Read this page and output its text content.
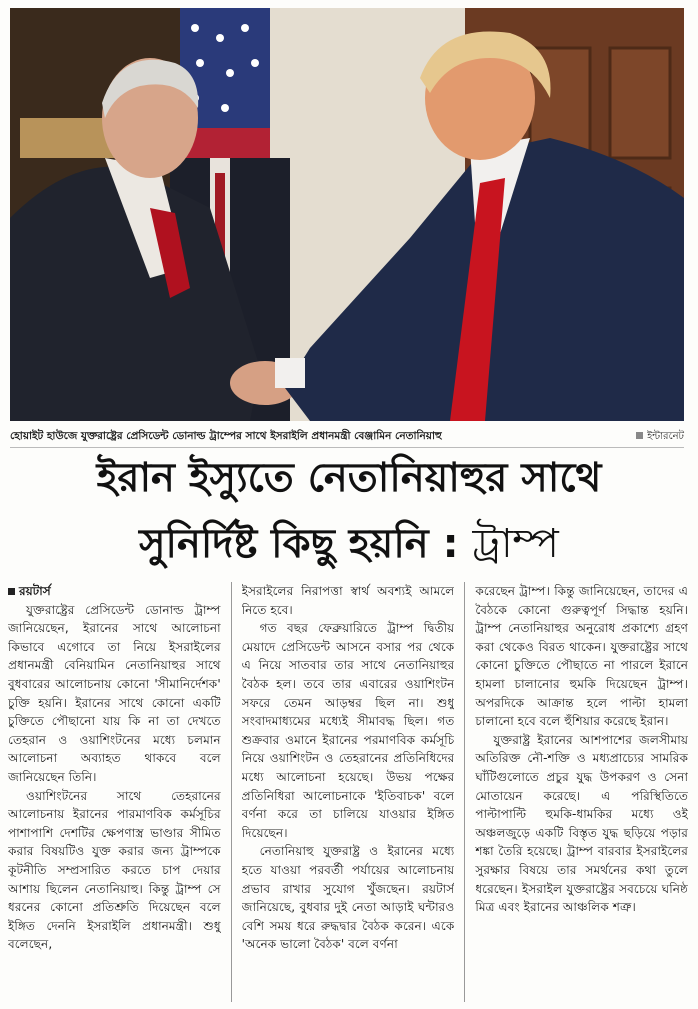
হোয়াইট হাউজে যুক্তরাষ্ট্রের প্রেসিডেন্ট ডোনাল্ড ট্রাম্পের সাথে ইসরাইলি প্রধানমন্ত্রী বেঞ্জামিন নেতানিয়াহু	ইন্টারনেট
ইরান ইস্যুতে নেতানিয়াহুর সাথে
সুনির্দিষ্ট কিছু হয়নি : ট্রাম্প
রয়টার্স

যুক্তরাষ্ট্রের প্রেসিডেন্ট ডোনাল্ড ট্রাম্প জানিয়েছেন, ইরানের সাথে আলোচনা কিভাবে এগোবে তা নিয়ে ইসরাইলের প্রধানমন্ত্রী বেনিয়ামিন নেতানিয়াহুর সাথে বুধবারের আলোচনায় কোনো 'সীমানির্দেশক' চুক্তি হয়নি। ইরানের সাথে কোনো একটি চুক্তিতে পৌছানো যায় কি না তা দেখতে তেহরান ও ওয়াশিংটনের মধ্যে চলমান আলোচনা অব্যাহত থাকবে বলে জানিয়েছেন তিনি।

ওয়াশিংটনের সাথে তেহরানের আলোচনায় ইরানের পারমাণবিক কর্মসূচির পাশাপাশি দেশটির ক্ষেপণাস্ত্র ভাণ্ডার সীমিত করার বিষয়টিও যুক্ত করার জন্য ট্রাম্পকে কূটনীতি সম্প্রসারিত করতে চাপ দেয়ার আশায় ছিলেন নেতানিয়াহু। কিন্তু ট্রাম্প সে ধরনের কোনো প্রতিশ্রুতি দিয়েছেন বলে ইঙ্গিত দেননি ইসরাইলি প্রধানমন্ত্রী। শুধু বলেছেন,

ইসরাইলের নিরাপত্তা স্বার্থ অবশ্যই আমলে নিতে হবে।

গত বছর ফেব্রুয়ারিতে ট্রাম্প দ্বিতীয় মেয়াদে প্রেসিডেন্ট আসনে বসার পর থেকে এ নিয়ে সাতবার তার সাথে নেতানিয়াহুর বৈঠক হল। তবে তার এবারের ওয়াশিংটন সফরে তেমন আড়ম্বর ছিল না। শুধু সংবাদমাধ্যমের মধ্যেই সীমাবদ্ধ ছিল। গত শুক্রবার ওমানে ইরানের পরমাণবিক কর্মসূচি নিয়ে ওয়াশিংটন ও তেহরানের প্রতিনিধিদের মধ্যে আলোচনা হয়েছে। উভয় পক্ষের প্রতিনিধিরা আলোচনাকে 'ইতিবাচক' বলে বর্ণনা করে তা চালিয়ে যাওয়ার ইঙ্গিত দিয়েছেন।

নেতানিয়াহু যুক্তরাষ্ট্র ও ইরানের মধ্যে হতে যাওয়া পরবর্তী পর্যায়ের আলোচনায় প্রভাব রাখার সুযোগ খুঁজছেন। রয়টার্স জানিয়েছে, বুধবার দুই নেতা আড়াই ঘন্টারও বেশি সময় ধরে রুদ্ধদ্বার বৈঠক করেন। একে 'অনেক ভালো বৈঠক' বলে বর্ণনা

করেছেন ট্রাম্প। কিন্তু জানিয়েছেন, তাদের এ বৈঠকে কোনো গুরুত্বপূর্ণ সিদ্ধান্ত হয়নি। ট্রাম্প নেতানিয়াহুর অনুরোধ প্রকাশ্যে গ্রহণ করা থেকেও বিরত থাকেন। যুক্তরাষ্ট্রের সাথে কোনো চুক্তিতে পৌছাতে না পারলে ইরানে হামলা চালানোর হুমকি দিয়েছেন ট্রাম্প। অপরদিকে আক্রান্ত হলে পাল্টা হামলা চালানো হবে বলে হুঁশিয়ার করেছে ইরান।

যুক্তরাষ্ট্র ইরানের আশপাশের জলসীমায় অতিরিক্ত নৌ-শক্তি ও মধ্যপ্রাচ্যের সামরিক ঘাঁটিগুলোতে প্রচুর যুদ্ধ উপকরণ ও সেনা মোতায়েন করেছে। এ পরিস্থিতিতে পাল্টাপাল্টি হুমকি-ধামকির মধ্যে ওই অঞ্চলজুড়ে একটি বিস্তৃত যুদ্ধ ছড়িয়ে পড়ার শঙ্কা তৈরি হয়েছে। ট্রাম্প বারবার ইসরাইলের সুরক্ষার বিষয়ে তার সমর্থনের কথা তুলে ধরেছেন। ইসরাইল যুক্তরাষ্ট্রের সবচেয়ে ঘনিষ্ঠ মিত্র এবং ইরানের আঞ্চলিক শত্রু।
